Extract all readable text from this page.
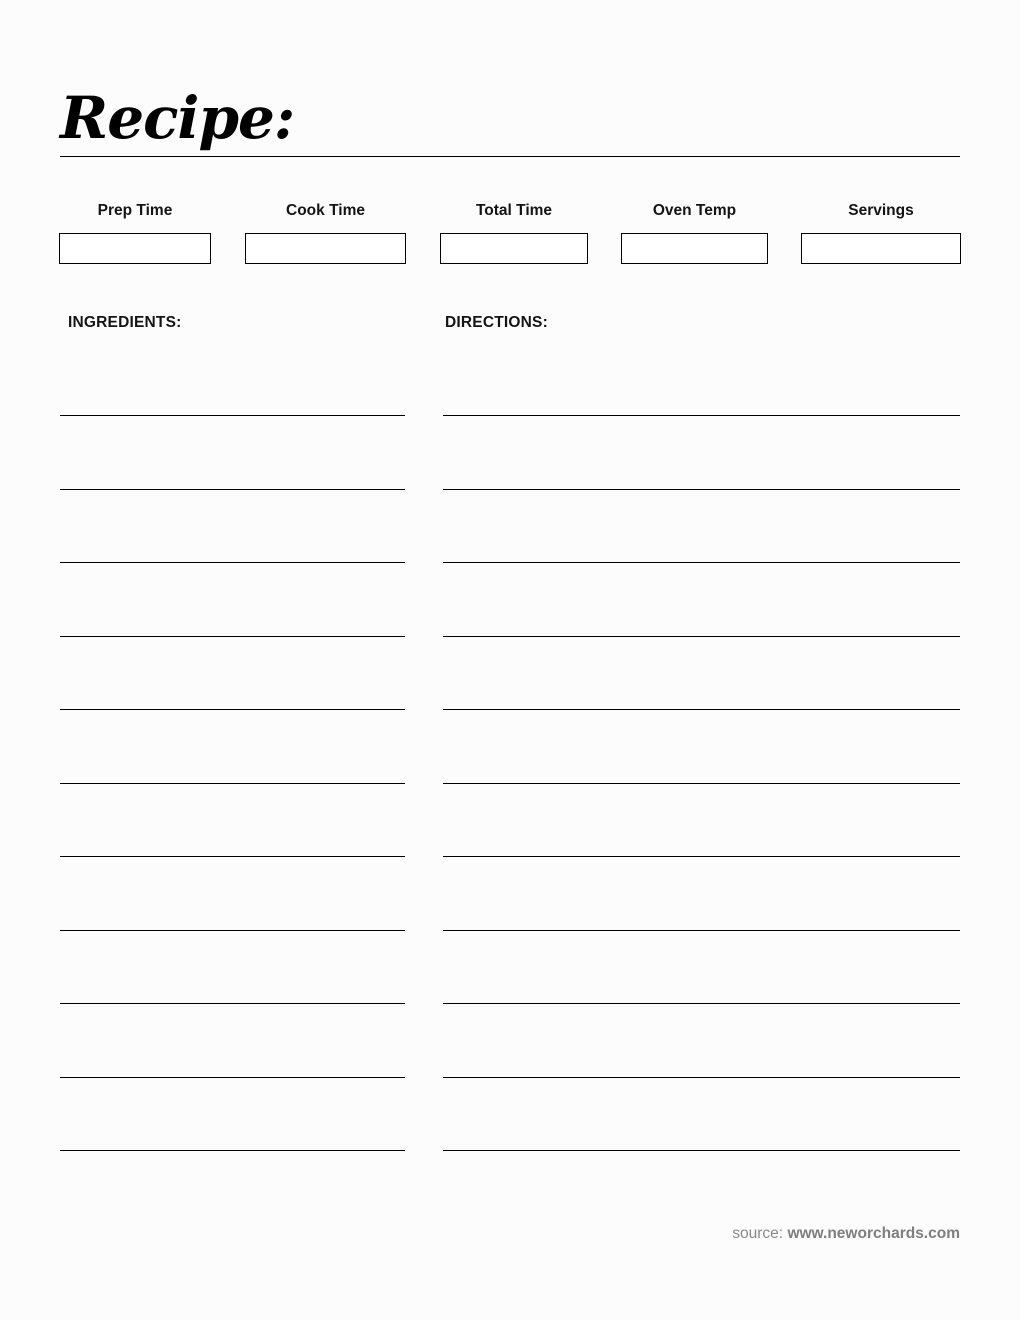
Recipe:
Prep Time	Cook Time	Total Time	Oven Temp	Servings
INGREDIENTS:	DIRECTIONS:
source: www.neworchards.com
